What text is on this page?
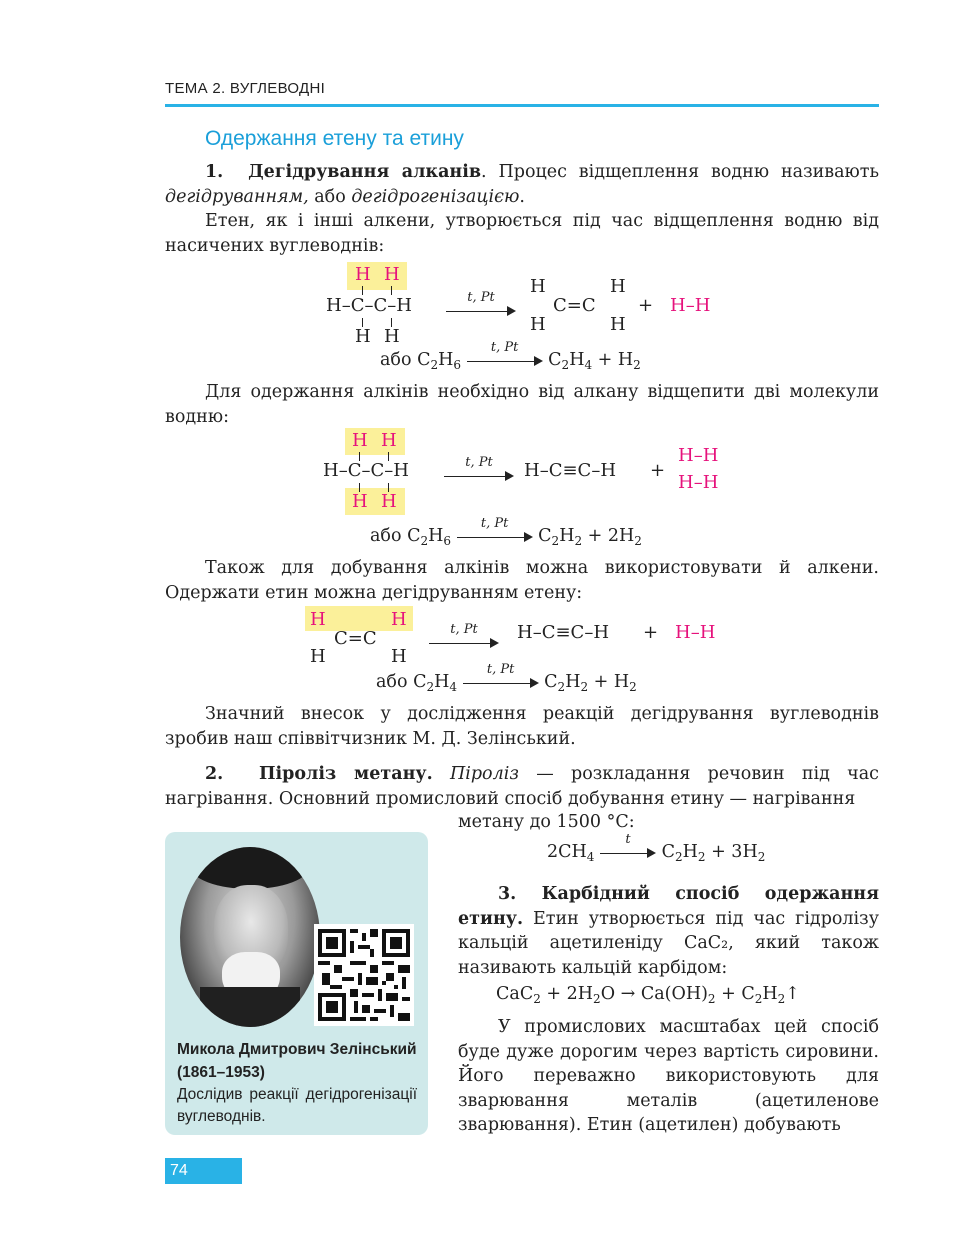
ТЕМА 2. ВУГЛЕВОДНІ
Одержання етену та етину
1. Дегідрування алканів. Процес відщеплення водню називають дегідруванням, або дегідрогенізацією.
Етен, як і інші алкени, утворюється під час відщеплення водню від насичених вуглеводнів:
H H
H–C–C–H
H H
t, Pt	H	H
C=C
H	H
+ H–H
або $C_2H_6$
t, Pt
$C_2H_4 + H_2$
Для одержання алкінів необхідно від алкану відщепити дві молекули водню:
H H
H–C–C–H
H H
t, Pt	H–C≡C–H +
H–H
H–H
або $C_2H_6$
t, Pt
$C_2H_2 + 2H_2$
Також для добування алкінів можна використовувати й алкени. Одержати етин можна дегідруванням етену:
H	H
C=C
H	H
t, Pt	H–C≡C–H + H–H
або $C_2H_4$
t, Pt
$C_2H_2 + H_2$
Значний внесок у дослідження реакцій дегідрування вуглеводнів зробив наш співвітчизник М. Д. Зелінський.
2. Піроліз метану. Піроліз — розкладання речовин під час нагрівання. Основний промисловий спосіб добування етину — нагрівання
метану до 1500 °C:
$2CH_4$
t
$C_2H_2 + 3H_2$
Микола Дмитрович Зелінський (1861–1953)
Дослідив реакції дегідрогенізації вуглеводнів.
3. Карбідний спосіб одержання етину. Етин утворюється під час гідролізу кальцій ацетиленіду CaC₂, який також називають кальцій карбідом:
$CaC_2 + 2H_2O \to Ca(OH)_2$ + $C_2H_2↑$
У промислових масштабах цей спосіб буде дуже дорогим через вартість сировини. Його переважно використовують для зварювання металів (ацетиленове зварювання). Етин (ацетилен) добувають
74
